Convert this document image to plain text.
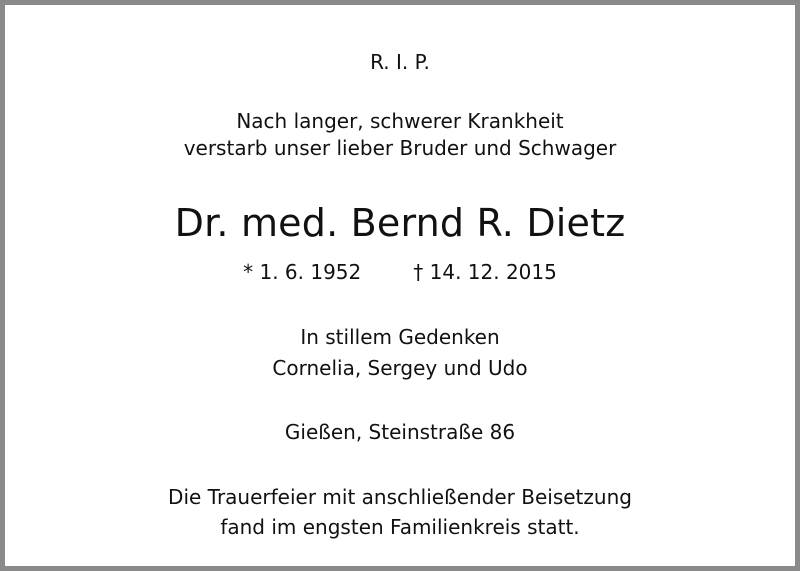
R. I. P.
Nach langer, schwerer Krankheit
verstarb unser lieber Bruder und Schwager
Dr. med. Bernd R. Dietz
* 1. 6. 1952	† 14. 12. 2015
In stillem Gedenken
Cornelia, Sergey und Udo
Gießen, Steinstraße 86
Die Trauerfeier mit anschließender Beisetzung
fand im engsten Familienkreis statt.
